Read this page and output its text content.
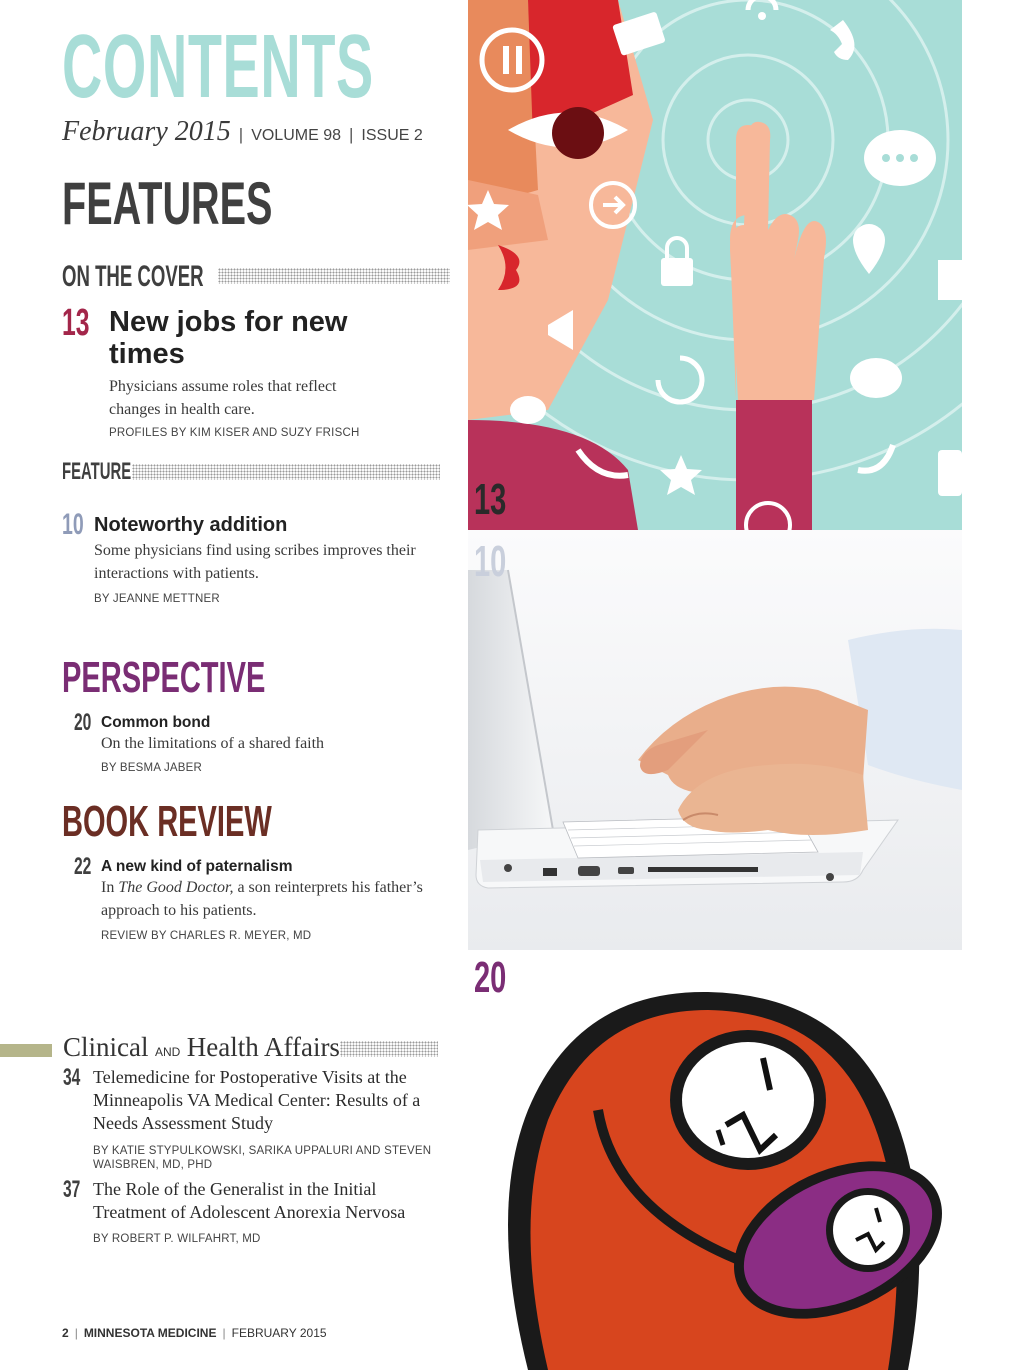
CONTENTS
February 2015 | VOLUME 98 | ISSUE 2
FEATURES
ON THE COVER
13 New jobs for new
times
Physicians assume roles that reflect
changes in health care.
PROFILES BY KIM KISER AND SUZY FRISCH
FEATURE
10 Noteworthy addition
Some physicians find using scribes improves their
interactions with patients.
BY JEANNE METTNER
PERSPECTIVE
20 Common bond
On the limitations of a shared faith
BY BESMA JABER
BOOK REVIEW
22 A new kind of paternalism
In The Good Doctor, a son reinterprets his father’s
approach to his patients.
REVIEW BY CHARLES R. MEYER, MD
Clinical AND Health Affairs
34 Telemedicine for Postoperative Visits at the
Minneapolis VA Medical Center: Results of a
Needs Assessment Study
BY KATIE STYPULKOWSKI, SARIKA UPPALURI AND STEVEN
WAISBREN, MD, PHD
37 The Role of the Generalist in the Initial
Treatment of Adolescent Anorexia Nervosa
BY ROBERT P. WILFAHRT, MD
13
10
20
2 | MINNESOTA MEDICINE | FEBRUARY 2015
